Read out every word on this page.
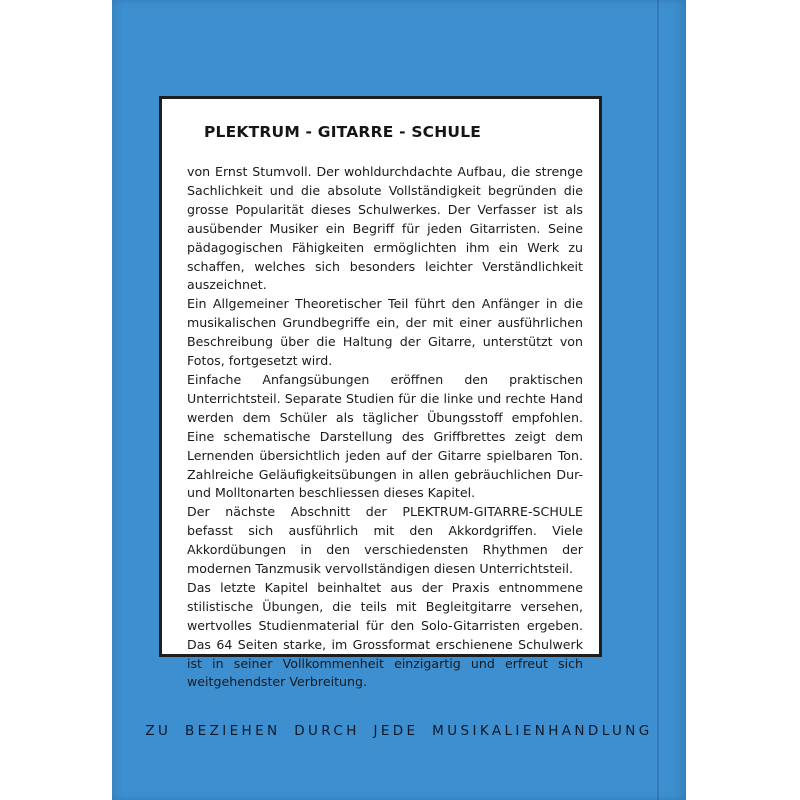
PLEKTRUM - GITARRE - SCHULE

von Ernst Stumvoll. Der wohldurchdachte Aufbau, die strenge Sachlichkeit und die absolute Vollständigkeit begründen die grosse Popularität dieses Schulwerkes. Der Verfasser ist als ausübender Musiker ein Begriff für jeden Gitarristen. Seine pädagogischen Fähigkeiten ermöglichten ihm ein Werk zu schaffen, welches sich besonders leichter Verständlichkeit auszeichnet.

Ein Allgemeiner Theoretischer Teil führt den Anfänger in die musikalischen Grundbegriffe ein, der mit einer ausführlichen Beschreibung über die Haltung der Gitarre, unterstützt von Fotos, fortgesetzt wird.

Einfache Anfangsübungen eröffnen den praktischen Unterrichtsteil. Separate Studien für die linke und rechte Hand werden dem Schüler als täglicher Übungsstoff empfohlen. Eine schematische Darstellung des Griffbrettes zeigt dem Lernenden übersichtlich jeden auf der Gitarre spielbaren Ton. Zahlreiche Geläufigkeitsübungen in allen gebräuchlichen Dur- und Molltonarten beschliessen dieses Kapitel.

Der nächste Abschnitt der PLEKTRUM-GITARRE-SCHULE befasst sich ausführlich mit den Akkordgriffen. Viele Akkordübungen in den verschiedensten Rhythmen der modernen Tanzmusik vervollständigen diesen Unterrichtsteil.

Das letzte Kapitel beinhaltet aus der Praxis entnommene stilistische Übungen, die teils mit Begleitgitarre versehen, wertvolles Studienmaterial für den Solo-Gitarristen ergeben. Das 64 Seiten starke, im Grossformat erschienene Schulwerk ist in seiner Vollkommenheit einzigartig und erfreut sich weitgehendster Verbreitung.

ZU BEZIEHEN DURCH JEDE MUSIKALIENHANDLUNG
